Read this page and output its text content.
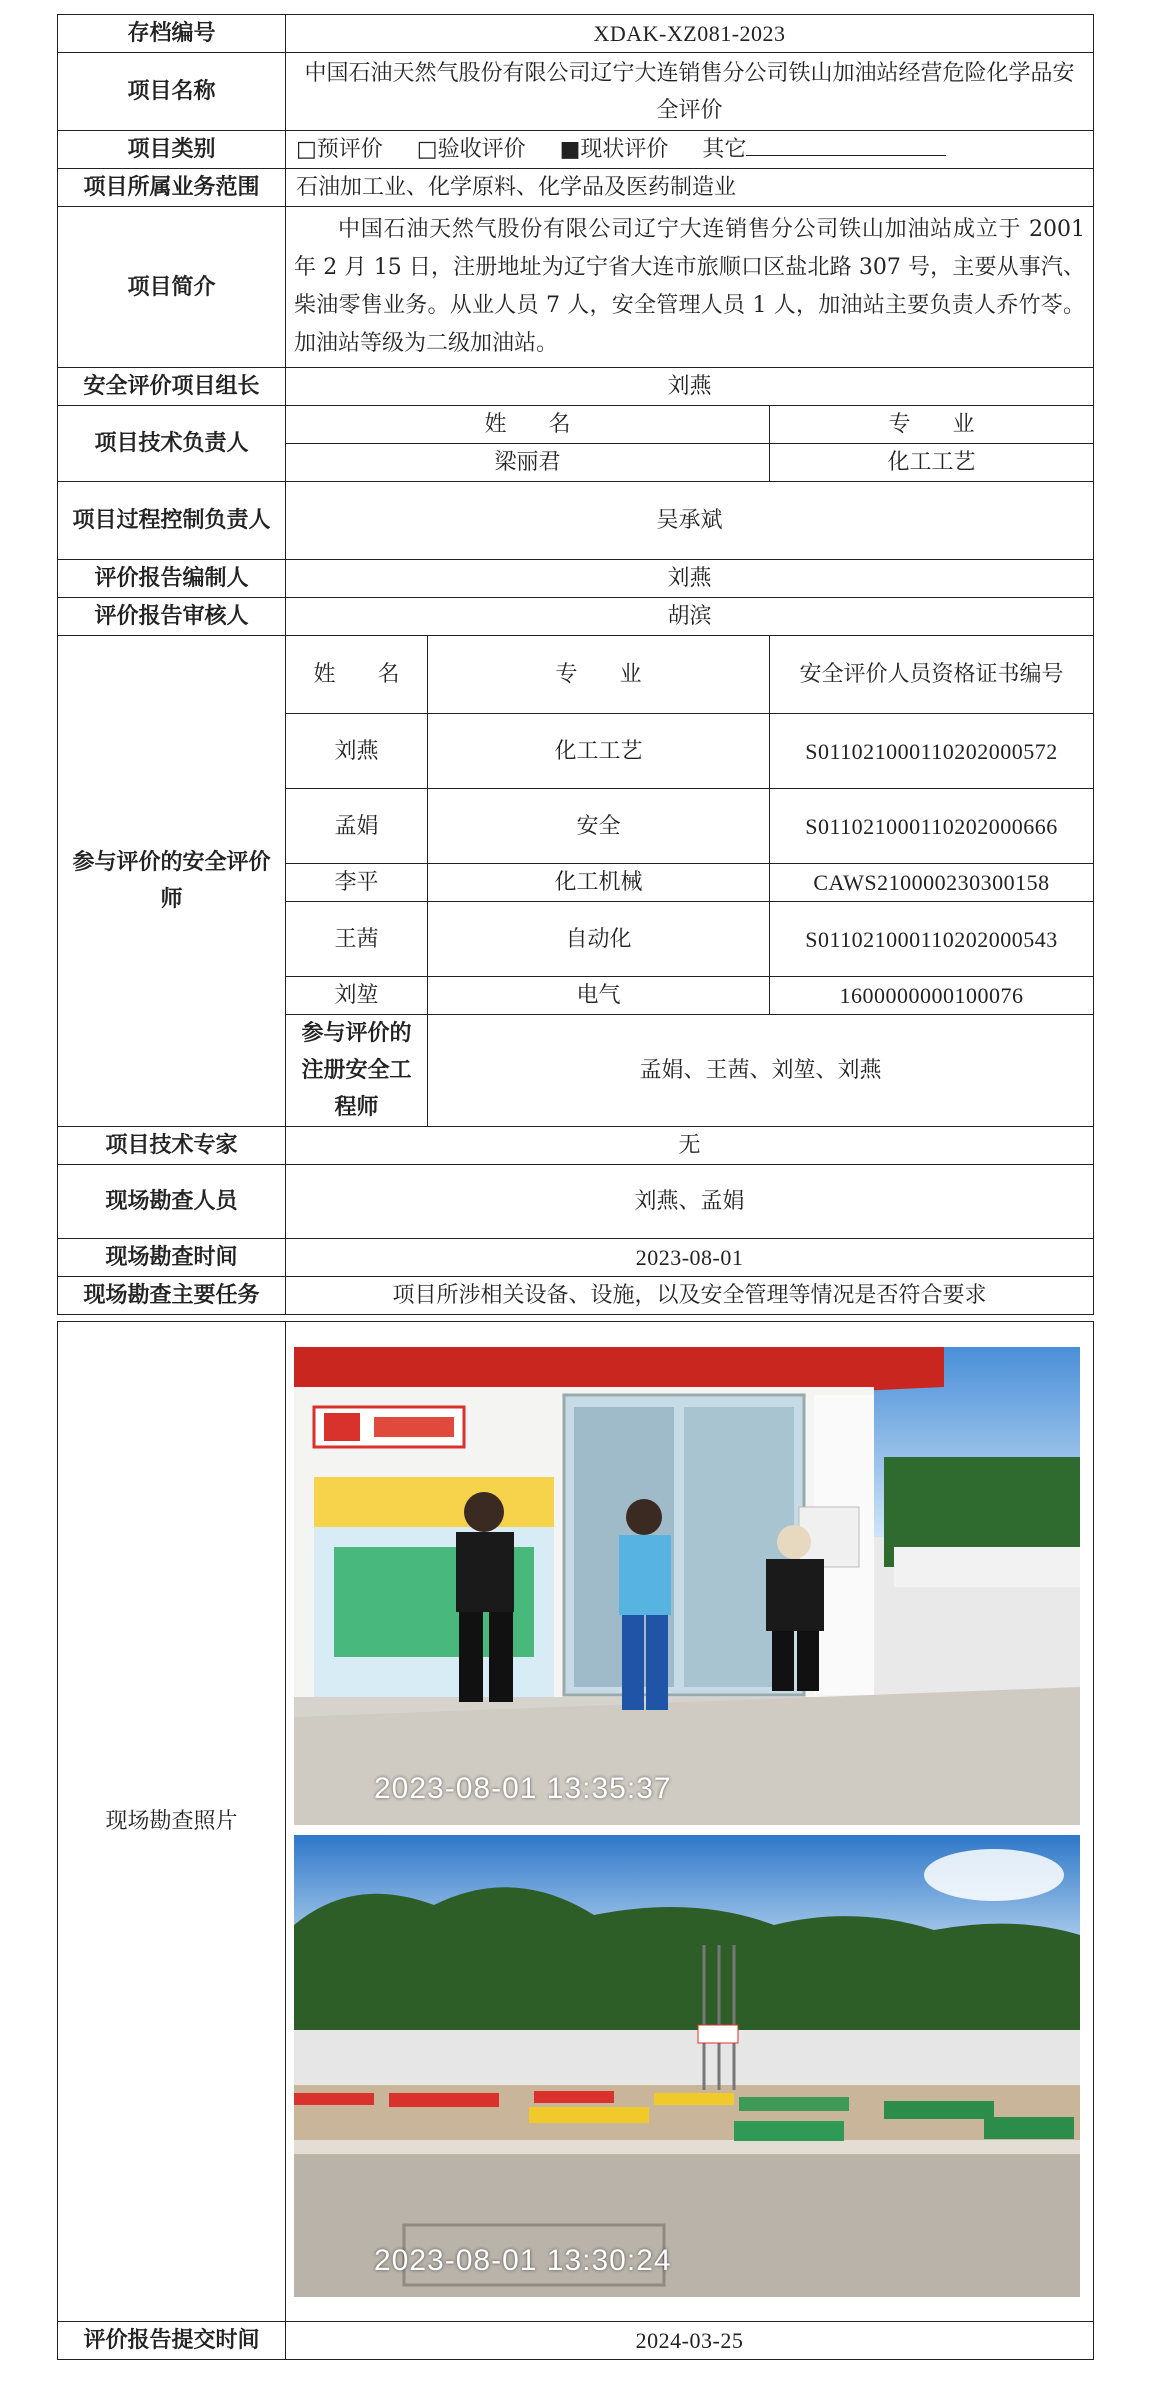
存档编号	XDAK-XZ081-2023		
项目名称	中国石油天然气股份有限公司辽宁大连销售分公司铁山加油站经营危险化学品安全评价		
项目类别	□预评价 □验收评价 ■现状评价 其它		
项目所属业务范围	石油加工业、化学原料、化学品及医药制造业		
项目简介	中国石油天然气股份有限公司辽宁大连销售分公司铁山加油站成立于 2001 年 2 月 15 日，注册地址为辽宁省大连市旅顺口区盐北路 307 号，主要从事汽、柴油零售业务。从业人员 7 人，安全管理人员 1 人，加油站主要负责人乔竹苓。加油站等级为二级加油站。		
安全评价项目组长	刘燕		
项目技术负责人	姓      名		专      业
	梁丽君		化工工艺
项目过程控制负责人	吴承斌		
评价报告编制人	刘燕		
评价报告审核人	胡滨		
参与评价的安全评价师	姓      名	专      业	安全评价人员资格证书编号
	刘燕	化工工艺	S011021000110202000572
	孟娟	安全	S011021000110202000666
	李平	化工机械	CAWS210000230300158
	王茜	自动化	S011021000110202000543
	刘堃	电气	1600000000100076
	参与评价的注册安全工程师	孟娟、王茜、刘堃、刘燕	
项目技术专家	无		
现场勘查人员	刘燕、孟娟		
现场勘查时间	2023-08-01		
现场勘查主要任务	项目所涉相关设备、设施，以及安全管理等情况是否符合要求		
现场勘查照片	2023-08-01 13:35:37
2023-08-01 13:30:24

评价报告提交时间	2024-03-25
